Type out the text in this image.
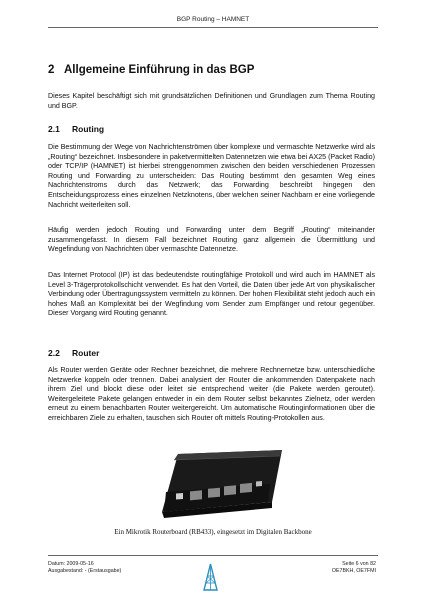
BGP Routing – HAMNET
2 Allgemeine Einführung in das BGP

Dieses Kapitel beschäftigt sich mit grundsätzlichen Definitionen und Grundlagen zum Thema Routing und BGP.

2.1 Routing

Die Bestimmung der Wege von Nachrichtenströmen über komplexe und vermaschte Netzwerke wird als „Routing“ bezeichnet. Insbesondere in paketvermittelten Datennetzen wie etwa bei AX25 (Packet Radio) oder TCP/IP (HAMNET) ist hierbei strenggenommen zwischen den beiden verschiedenen Prozessen Routing und Forwarding zu unterscheiden: Das Routing bestimmt den gesamten Weg eines Nachrichtenstroms durch das Netzwerk; das Forwarding beschreibt hingegen den Entscheidungsprozess eines einzelnen Netzknotens, über welchen seiner Nachbarn er eine vorliegende Nachricht weiterleiten soll.

Häufig werden jedoch Routing und Forwarding unter dem Begriff „Routing“ miteinander zusammengefasst. In diesem Fall bezeichnet Routing ganz allgemein die Übermittlung und Wegefindung von Nachrichten über vermaschte Datennetze.

Das Internet Protocol (IP) ist das bedeutendste routingfähige Protokoll und wird auch im HAMNET als Level 3-Trägerprotokollschicht verwendet. Es hat den Vorteil, die Daten über jede Art von physikalischer Verbindung oder Übertragungssystem vermitteln zu können. Der hohen Flexibilität steht jedoch auch ein hohes Maß an Komplexität bei der Wegfindung vom Sender zum Empfänger und retour gegenüber. Dieser Vorgang wird Routing genannt.

2.2 Router

Als Router werden Geräte oder Rechner bezeichnet, die mehrere Rechnernetze bzw. unterschiedliche Netzwerke koppeln oder trennen. Dabei analysiert der Router die ankommenden Datenpakete nach ihrem Ziel und blockt diese oder leitet sie entsprechend weiter (die Pakete werden geroutet). Weitergeleitete Pakete gelangen entweder in ein dem Router selbst bekanntes Zielnetz, oder werden erneut zu einem benachbarten Router weitergereicht. Um automatische Routinginformationen über die erreichbaren Ziele zu erhalten, tauschen sich Router oft mittels Routing-Protokollen aus.

Ein Mikrotik Routerboard (RB433), eingesetzt im Digitalen Backbone
Datum: 2009-05-16
Ausgabestand: - (Erstausgabe)
Seite 6 von 82
OE7BKH, OE7FMI
